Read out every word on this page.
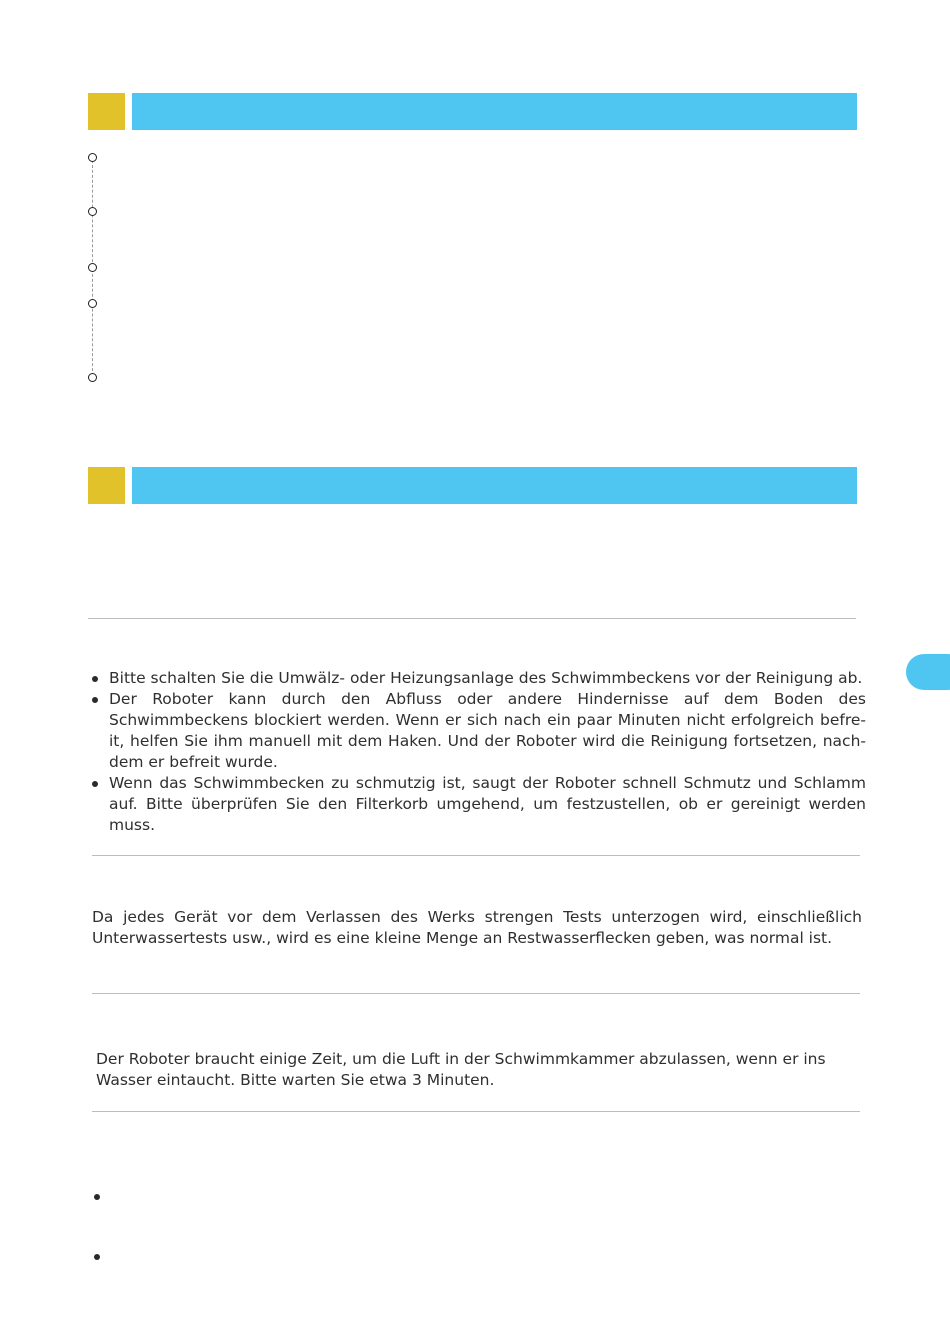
Bitte schalten Sie die Umwälz- oder Heizungsanlage des Schwimmbeckens vor der Reinigung ab.
Der Roboter kann durch den Abfluss oder andere Hindernisse auf dem Boden des Schwimmbeckens blockiert werden. Wenn er sich nach ein paar Minuten nicht erfolgreich befre-it, helfen Sie ihm manuell mit dem Haken. Und der Roboter wird die Reinigung fortsetzen, nach-dem er befreit wurde.
Wenn das Schwimmbecken zu schmutzig ist, saugt der Roboter schnell Schmutz und Schlamm auf. Bitte überprüfen Sie den Filterkorb umgehend, um festzustellen, ob er gereinigt werden muss.
Da jedes Gerät vor dem Verlassen des Werks strengen Tests unterzogen wird, einschließlich Unterwassertests usw., wird es eine kleine Menge an Restwasserflecken geben, was normal ist.
Der Roboter braucht einige Zeit, um die Luft in der Schwimmkammer abzulassen, wenn er ins Wasser eintaucht. Bitte warten Sie etwa 3 Minuten.
